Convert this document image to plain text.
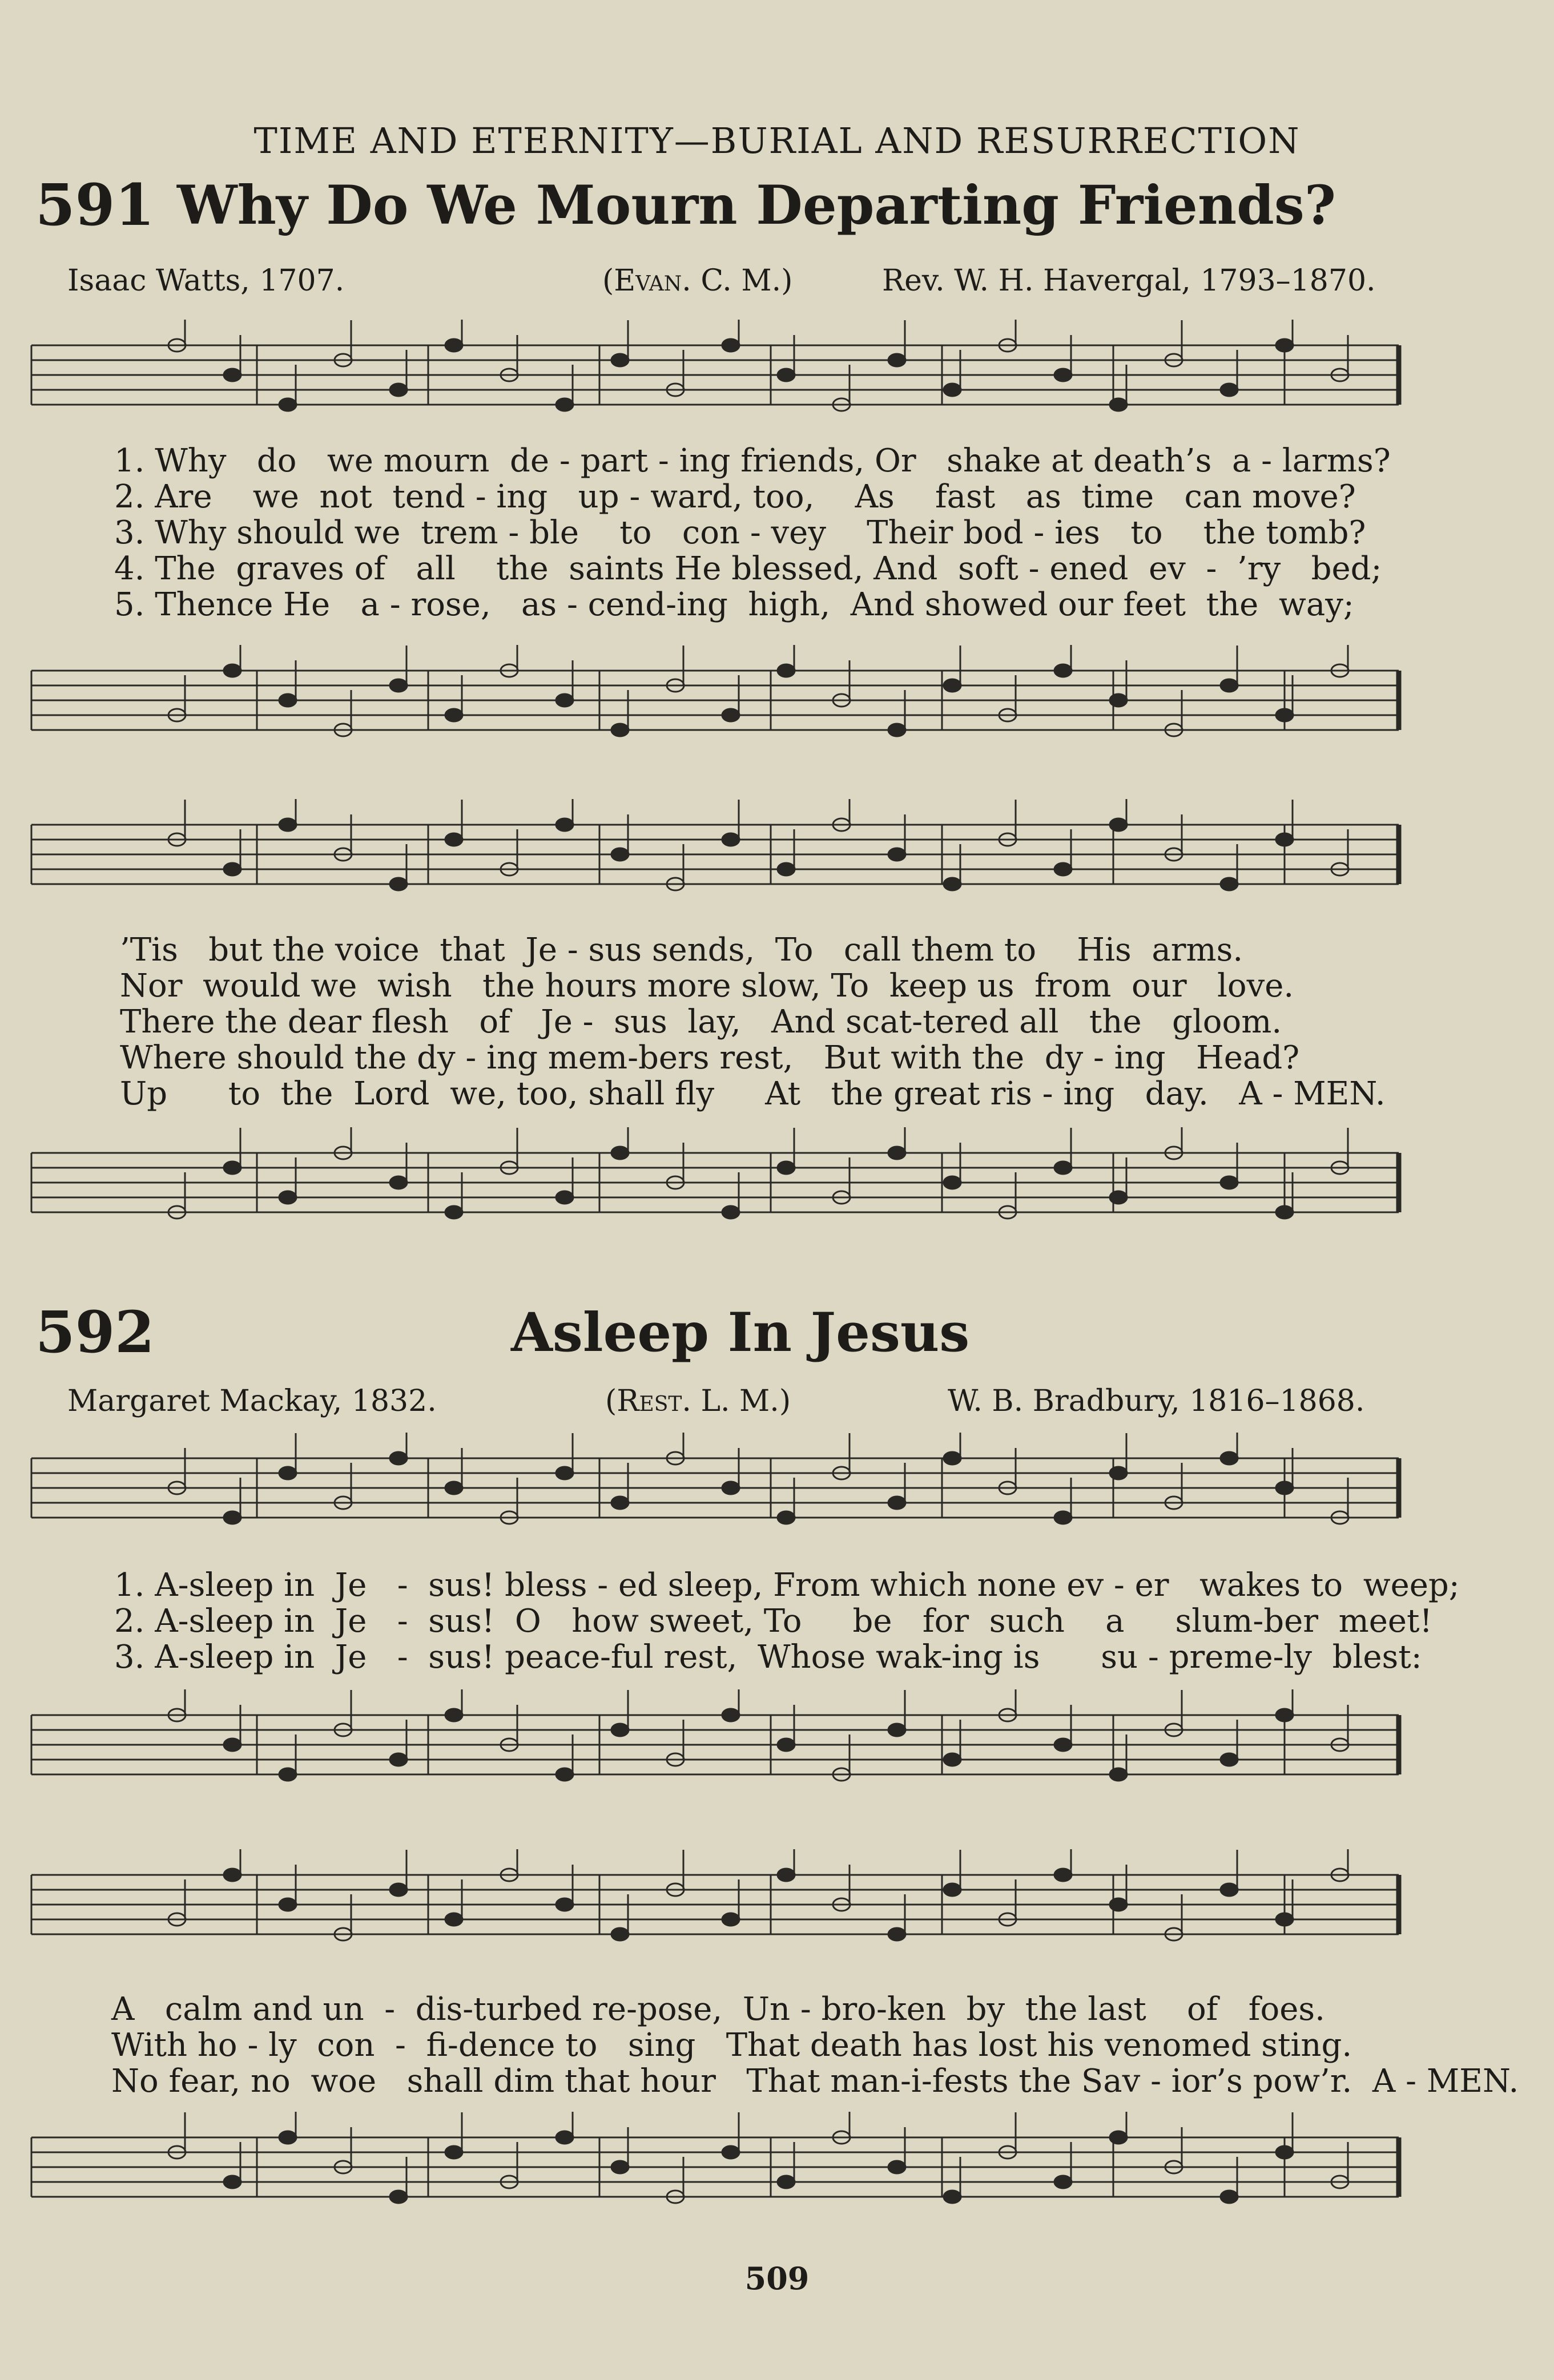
TIME AND ETERNITY—BURIAL AND RESURRECTION
591 Why Do We Mourn Departing Friends?
Isaac Watts, 1707.	(Evan. C. M.)	Rev. W. H. Havergal, 1793–1870.
1. Why   do   we mourn  de - part - ing friends, Or   shake at death’s  a - larms?
2. Are    we  not  tend - ing   up - ward, too,    As    fast   as  time   can move?
3. Why should we  trem - ble    to   con - vey    Their bod - ies   to    the tomb?
4. The  graves of   all    the  saints He blessed, And  soft - ened  ev  -  ’ry   bed;
5. Thence He   a - rose,   as - cend-ing  high,  And showed our feet  the  way;
’Tis   but the voice  that  Je - sus sends,  To   call them to    His  arms.
Nor  would we  wish   the hours more slow, To  keep us  from  our   love.
There the dear flesh   of   Je -  sus  lay,   And scat-tered all   the   gloom.
Where should the dy - ing mem-bers rest,   But with the  dy - ing   Head?
Up      to  the  Lord  we, too, shall fly     At   the great ris - ing   day.   A - MEN.
592	Asleep In Jesus
Margaret Mackay, 1832.	(Rest. L. M.)	W. B. Bradbury, 1816–1868.
1. A-sleep in  Je   -  sus! bless - ed sleep, From which none ev - er   wakes to  weep;
2. A-sleep in  Je   -  sus!  O   how sweet, To     be   for  such    a     slum-ber  meet!
3. A-sleep in  Je   -  sus! peace-ful rest,  Whose wak-ing is      su - preme-ly  blest:
A   calm and un  -  dis-turbed re-pose,  Un - bro-ken  by  the last    of   foes.
With ho - ly  con  -  fi-dence to   sing   That death has lost his venomed sting.
No fear, no  woe   shall dim that hour   That man-i-fests the Sav - ior’s pow’r.  A - MEN.
509
